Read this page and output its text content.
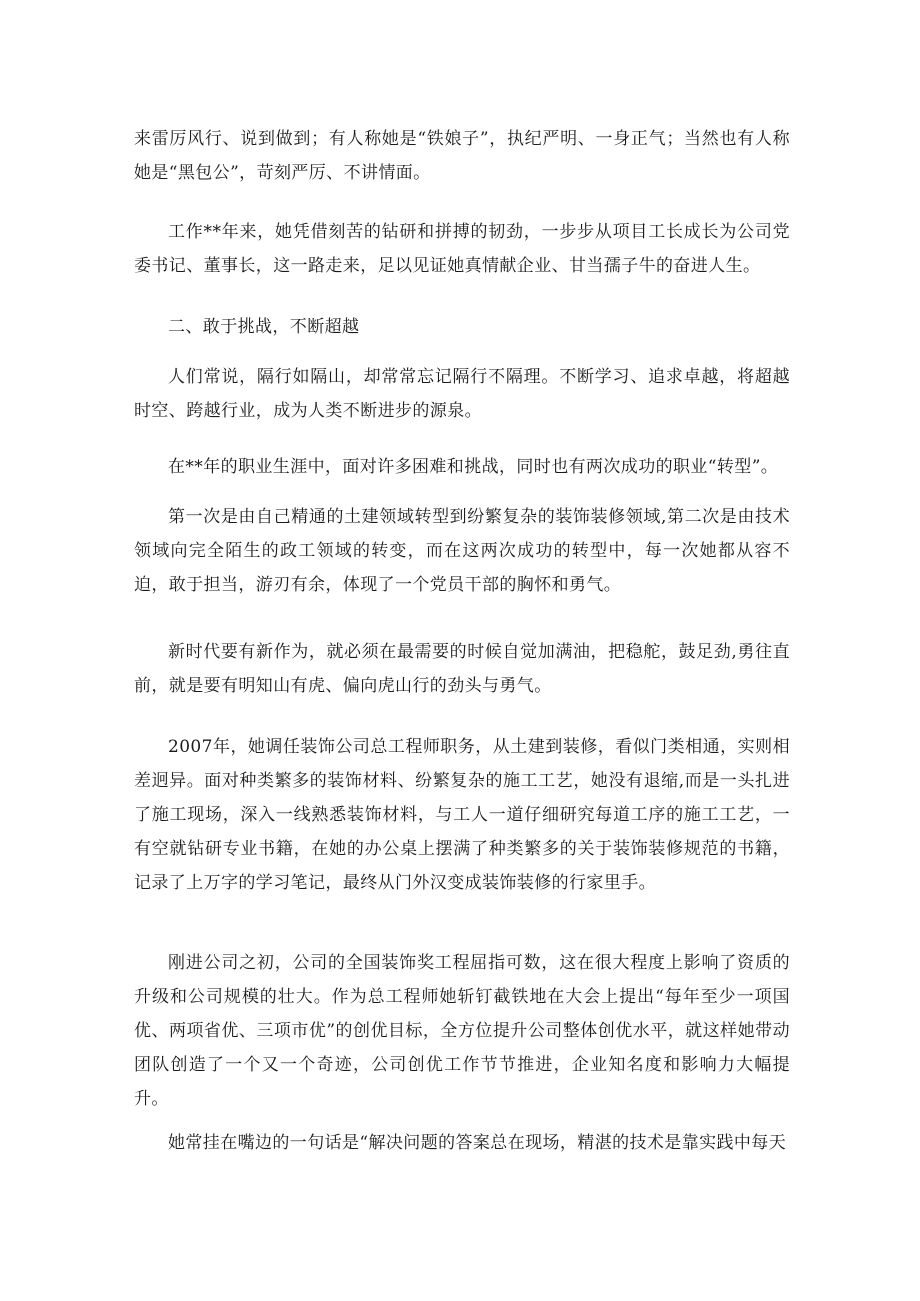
来雷厉风行、说到做到；有人称她是“铁娘子”，执纪严明、一身正气；当然也有人称她是“黑包公”，苛刻严厉、不讲情面。

工作**年来，她凭借刻苦的钻研和拼搏的韧劲，一步步从项目工长成长为公司党委书记、董事长，这一路走来，足以见证她真情献企业、甘当孺子牛的奋进人生。

二、敢于挑战，不断超越

人们常说，隔行如隔山，却常常忘记隔行不隔理。不断学习、追求卓越，将超越时空、跨越行业，成为人类不断进步的源泉。

在**年的职业生涯中，面对许多困难和挑战，同时也有两次成功的职业“转型”。

第一次是由自己精通的土建领域转型到纷繁复杂的装饰装修领域,第二次是由技术领域向完全陌生的政工领域的转变，而在这两次成功的转型中，每一次她都从容不迫，敢于担当，游刃有余，体现了一个党员干部的胸怀和勇气。

新时代要有新作为，就必须在最需要的时候自觉加满油，把稳舵，鼓足劲,勇往直前，就是要有明知山有虎、偏向虎山行的劲头与勇气。

2007年，她调任装饰公司总工程师职务，从土建到装修，看似门类相通，实则相差迥异。面对种类繁多的装饰材料、纷繁复杂的施工工艺，她没有退缩,而是一头扎进了施工现场，深入一线熟悉装饰材料，与工人一道仔细研究每道工序的施工工艺，一有空就钻研专业书籍，在她的办公桌上摆满了种类繁多的关于装饰装修规范的书籍，记录了上万字的学习笔记，最终从门外汉变成装饰装修的行家里手。

刚进公司之初，公司的全国装饰奖工程屈指可数，这在很大程度上影响了资质的升级和公司规模的壮大。作为总工程师她斩钉截铁地在大会上提出“每年至少一项国优、两项省优、三项市优”的创优目标，全方位提升公司整体创优水平，就这样她带动团队创造了一个又一个奇迹，公司创优工作节节推进，企业知名度和影响力大幅提升。

她常挂在嘴边的一句话是“解决问题的答案总在现场，精湛的技术是靠实践中每天
